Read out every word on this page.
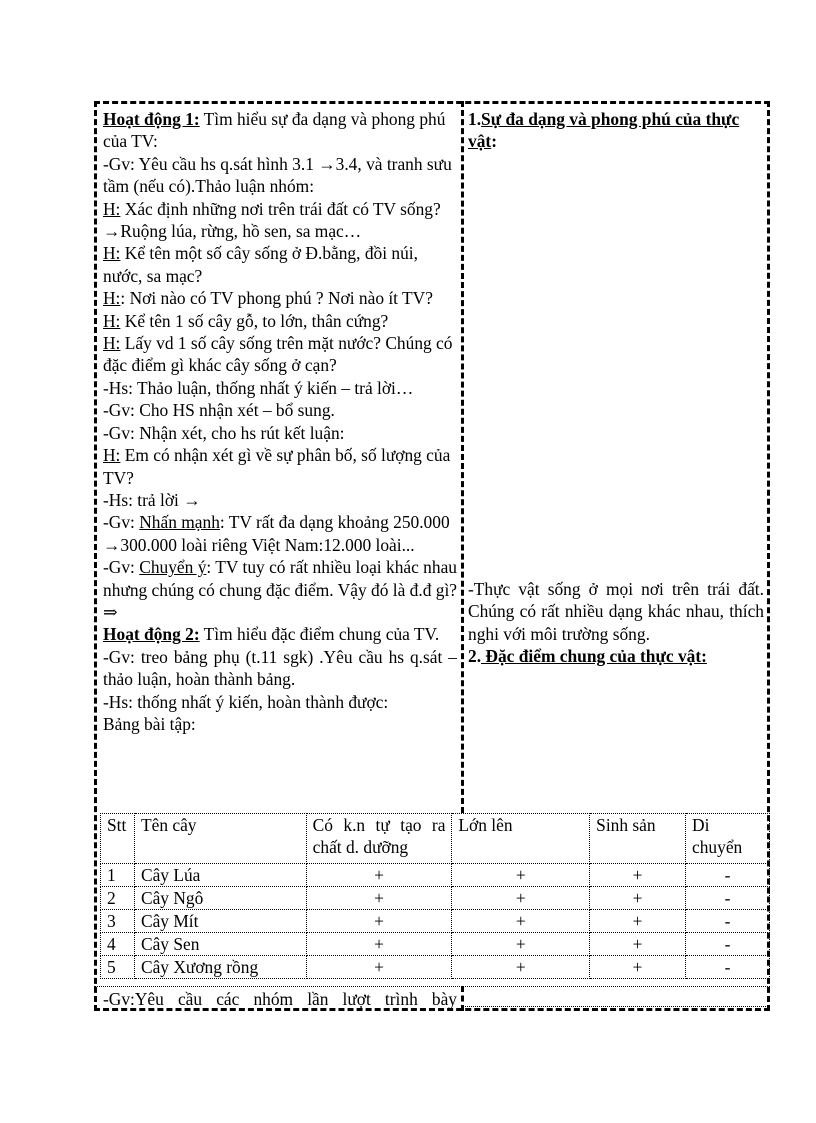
Hoạt động 1: Tìm hiểu sự đa dạng và phong phú của TV:

-Gv: Yêu cầu hs q.sát hình 3.1 →3.4, và tranh sưu tầm (nếu có).Thảo luận nhóm:

H: Xác định những nơi trên trái đất có TV sống?

→Ruộng lúa, rừng, hồ sen, sa mạc…

H: Kể tên một số cây sống ở Đ.bằng, đồi núi, nước, sa mạc?

H:: Nơi nào có TV phong phú ? Nơi nào ít TV?

H: Kể tên 1 số cây gỗ, to lớn, thân cứng?

H: Lấy vd 1 số cây sống trên mặt nước? Chúng có đặc điểm gì khác cây sống ở cạn?

-Hs: Thảo luận, thống nhất ý kiến – trả lời…

-Gv: Cho HS nhận xét – bổ sung.

-Gv: Nhận xét, cho hs rút kết luận:

H: Em có nhận xét gì về sự phân bố, số lượng của TV?

-Hs: trả lời →

-Gv: Nhấn mạnh: TV rất đa dạng khoảng 250.000 →300.000 loài riêng Việt Nam:12.000 loài...

-Gv: Chuyển ý: TV tuy có rất nhiều loại khác nhau nhưng chúng có chung đặc điểm. Vậy đó là đ.đ gì? ⇒

Hoạt động 2: Tìm hiểu đặc điểm chung của TV.

-Gv: treo bảng phụ (t.11 sgk) .Yêu cầu hs q.sát –thảo luận, hoàn thành bảng.

-Hs: thống nhất ý kiến, hoàn thành được:

Bảng bài tập:

1.Sự đa dạng và phong phú của thực vật:

-Thực vật sống ở mọi nơi trên trái đất. Chúng có rất nhiều dạng khác nhau, thích nghi với môi trường sống.

2. Đặc điểm chung của thực vật:

Stt	Tên cây	Có k.n tự tạo ra chất d. dưỡng	Lớn lên	Sinh sản	Di chuyển
1	Cây Lúa	+	+	+	-
2	Cây Ngô	+	+	+	-
3	Cây Mít	+	+	+	-
4	Cây Sen	+	+	+	-
5	Cây Xương rồng	+	+	+	-
-Gv:Yêu cầu các nhóm lần lượt trình bày
